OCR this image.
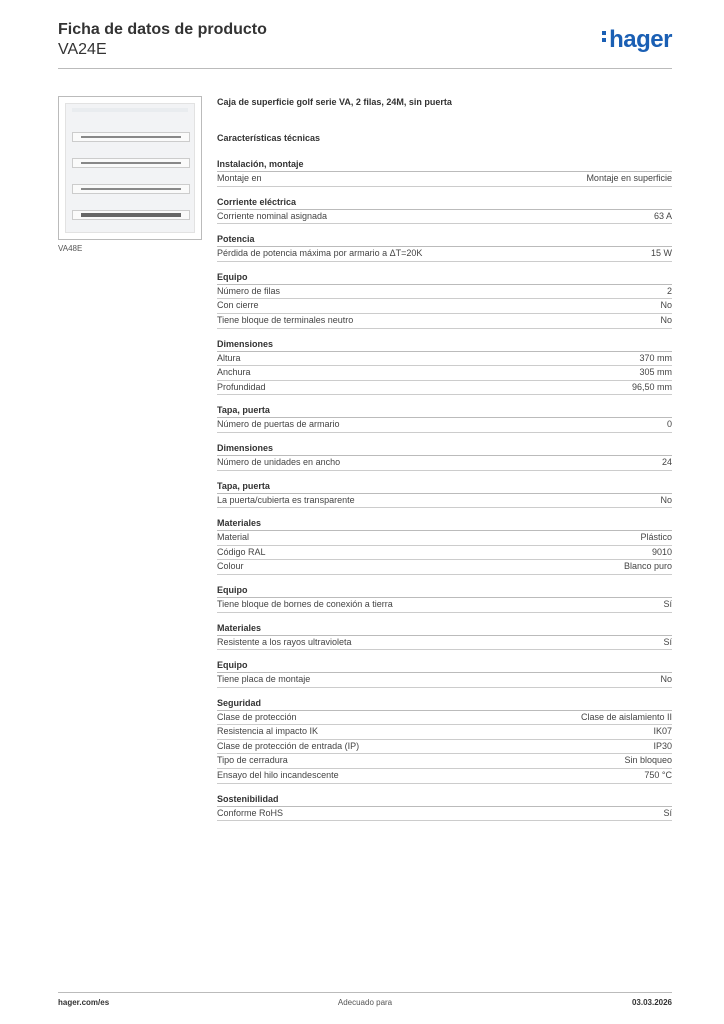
Ficha de datos de producto

VA24E	hager
VA48E

Caja de superficie golf serie VA, 2 filas, 24M, sin puerta

Características técnicas

Instalación, montaje
Montaje en	Montaje en superficie
Corriente eléctrica
Corriente nominal asignada	63 A
Potencia
Pérdida de potencia máxima por armario a ΔT=20K	15 W
Equipo
Número de filas	2
Con cierre	No
Tiene bloque de terminales neutro	No
Dimensiones
Altura	370 mm
Anchura	305 mm
Profundidad	96,50 mm
Tapa, puerta
Número de puertas de armario	0
Dimensiones
Número de unidades en ancho	24
Tapa, puerta
La puerta/cubierta es transparente	No
Materiales
Material	Plástico
Código RAL	9010
Colour	Blanco puro
Equipo
Tiene bloque de bornes de conexión a tierra	Sí
Materiales
Resistente a los rayos ultravioleta	Sí
Equipo
Tiene placa de montaje	No
Seguridad
Clase de protección	Clase de aislamiento II
Resistencia al impacto IK	IK07
Clase de protección de entrada (IP)	IP30
Tipo de cerradura	Sin bloqueo
Ensayo del hilo incandescente	750 °C
Sostenibilidad
Conforme RoHS	Sí
hager.com/es	Adecuado para	03.03.2026
